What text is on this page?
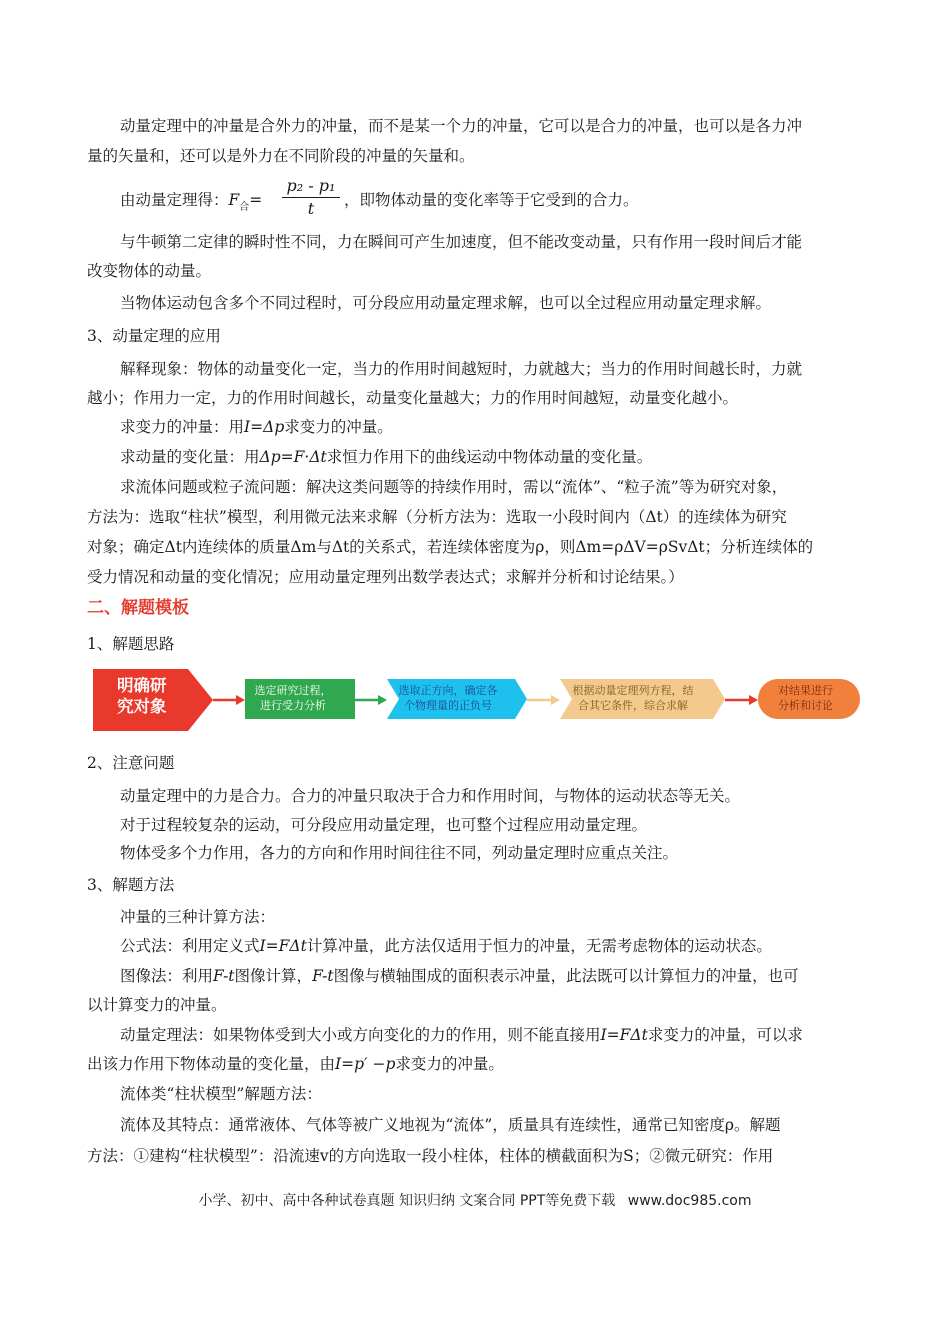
动量定理中的冲量是合外力的冲量，而不是某一个力的冲量，它可以是合力的冲量，也可以是各力冲
量的矢量和，还可以是外力在不同阶段的冲量的矢量和。
由动量定理得：$F_合=$
p₂ - p₁
t	，即物体动量的变化率等于它受到的合力。
与牛顿第二定律的瞬时性不同，力在瞬间可产生加速度，但不能改变动量，只有作用一段时间后才能
改变物体的动量。
当物体运动包含多个不同过程时，可分段应用动量定理求解，也可以全过程应用动量定理求解。
3、动量定理的应用
解释现象：物体的动量变化一定，当力的作用时间越短时，力就越大；当力的作用时间越长时，力就
越小；作用力一定，力的作用时间越长，动量变化量越大；力的作用时间越短，动量变化越小。
求变力的冲量：用I=Δp求变力的冲量。
求动量的变化量：用Δp=F·Δt求恒力作用下的曲线运动中物体动量的变化量。
求流体问题或粒子流问题：解决这类问题等的持续作用时，需以“流体”、“粒子流”等为研究对象，
方法为：选取“柱状”模型，利用微元法来求解（分析方法为：选取一小段时间内（Δt）的连续体为研究
对象；确定Δt内连续体的质量Δm与Δt的关系式，若连续体密度为ρ，则Δm=ρΔV=ρSvΔt；分析连续体的
受力情况和动量的变化情况；应用动量定理列出数学表达式；求解并分析和讨论结果。）
二、解题模板
1、解题思路
明确研
究对象
选定研究过程，
进行受力分析
选取正方向，确定各
个物理量的正负号
根据动量定理列方程，结
合其它条件，综合求解
对结果进行
分析和讨论
2、注意问题
动量定理中的力是合力。合力的冲量只取决于合力和作用时间，与物体的运动状态等无关。
对于过程较复杂的运动，可分段应用动量定理，也可整个过程应用动量定理。
物体受多个力作用，各力的方向和作用时间往往不同，列动量定理时应重点关注。
3、解题方法
冲量的三种计算方法：
公式法：利用定义式I=FΔt计算冲量，此方法仅适用于恒力的冲量，无需考虑物体的运动状态。
图像法：利用F-t图像计算，F-t图像与横轴围成的面积表示冲量，此法既可以计算恒力的冲量，也可
以计算变力的冲量。
动量定理法：如果物体受到大小或方向变化的力的作用，则不能直接用I=FΔt求变力的冲量，可以求
出该力作用下物体动量的变化量，由I=p′ −p求变力的冲量。
流体类“柱状模型”解题方法：
流体及其特点：通常液体、气体等被广义地视为“流体”，质量具有连续性，通常已知密度ρ。解题
方法：①建构“柱状模型”：沿流速v的方向选取一段小柱体，柱体的横截面积为S；②微元研究：作用
小学、初中、高中各种试卷真题 知识归纳 文案合同 PPT等免费下载 www.doc985.com
